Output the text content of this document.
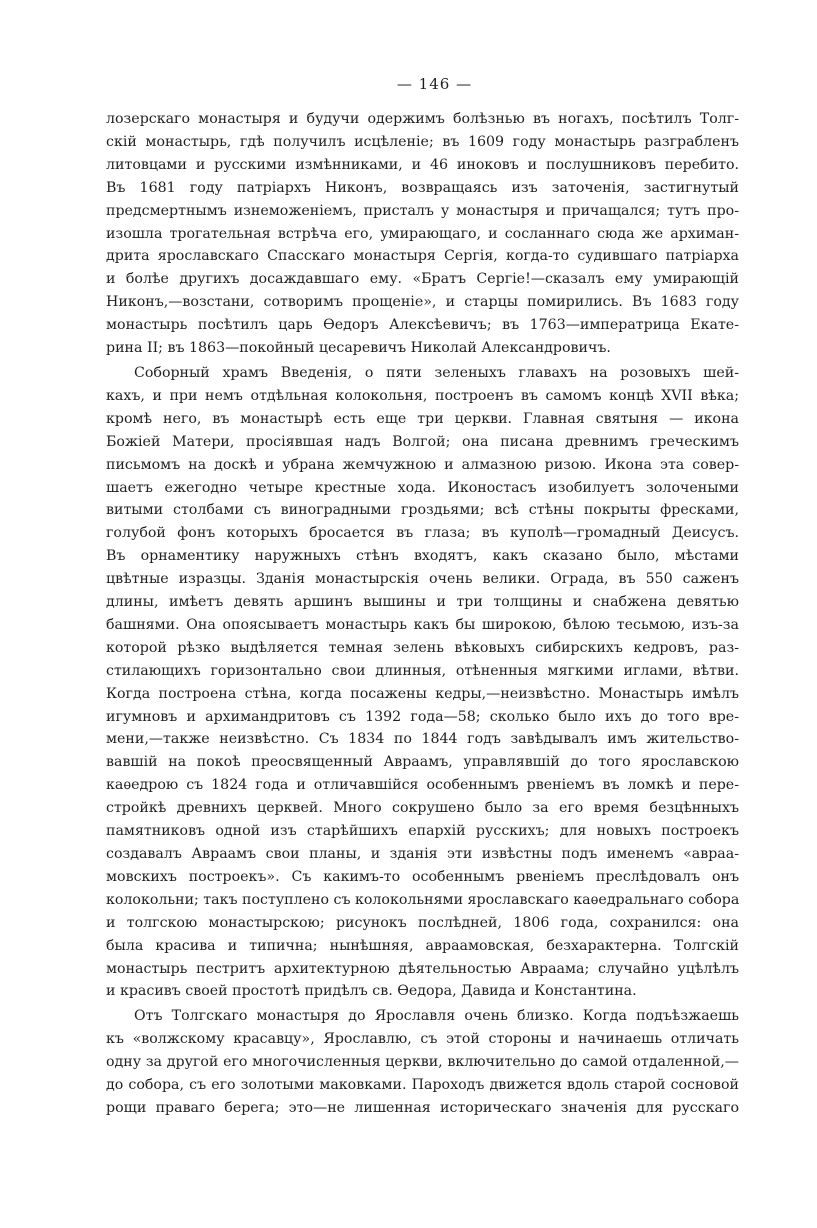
— 146 —
лозерскаго монастыря и будучи одержимъ болѣзнью въ ногахъ, посѣтилъ Толг-
скій монастырь, гдѣ получилъ исцѣленіе; въ 1609 году монастырь разграбленъ
литовцами и русскими измѣнниками, и 46 иноковъ и послушниковъ перебито.
Въ 1681 году патріархъ Никонъ, возвращаясь изъ заточенія, застигнутый
предсмертнымъ изнеможеніемъ, присталъ у монастыря и причащался; тутъ про-
изошла трогательная встрѣча его, умирающаго, и сосланнаго сюда же архиман-
дрита ярославскаго Спасскаго монастыря Сергія, когда-то судившаго патріарха
и болѣе другихъ досаждавшаго ему. «Братъ Сергіе!—сказалъ ему умирающій
Никонъ,—возстани, сотворимъ прощеніе», и старцы помирились. Въ 1683 году
монастырь посѣтилъ царь Өедоръ Алексѣевичъ; въ 1763—императрица Екате-
рина II; въ 1863—покойный цесаревичъ Николай Александровичъ.
Соборный храмъ Введенія, о пяти зеленыхъ главахъ на розовыхъ шей-
кахъ, и при немъ отдѣльная колокольня, построенъ въ самомъ концѣ XVII вѣка;
кромѣ него, въ монастырѣ есть еще три церкви. Главная святыня — икона
Божіей Матери, просіявшая надъ Волгой; она писана древнимъ греческимъ
письмомъ на доскѣ и убрана жемчужною и алмазною ризою. Икона эта совер-
шаетъ ежегодно четыре крестные хода. Иконостасъ изобилуетъ золочеными
витыми столбами съ виноградными гроздьями; всѣ стѣны покрыты фресками,
голубой фонъ которыхъ бросается въ глаза; въ куполѣ—громадный Деисусъ.
Въ орнаментику наружныхъ стѣнъ входятъ, какъ сказано было, мѣстами
цвѣтные изразцы. Зданія монастырскія очень велики. Ограда, въ 550 саженъ
длины, имѣетъ девять аршинъ вышины и три толщины и снабжена девятью
башнями. Она опоясываетъ монастырь какъ бы широкою, бѣлою тесьмою, изъ-за
которой рѣзко выдѣляется темная зелень вѣковыхъ сибирскихъ кедровъ, раз-
стилающихъ горизонтально свои длинныя, отѣненныя мягкими иглами, вѣтви.
Когда построена стѣна, когда посажены кедры,—неизвѣстно. Монастырь имѣлъ
игумновъ и архимандритовъ съ 1392 года—58; сколько было ихъ до того вре-
мени,—также неизвѣстно. Съ 1834 по 1844 годъ завѣдывалъ имъ жительство-
вавшій на покоѣ преосвященный Авраамъ, управлявшій до того ярославскою
каѳедрою съ 1824 года и отличавшійся особеннымъ рвеніемъ въ ломкѣ и пере-
стройкѣ древнихъ церквей. Много сокрушено было за его время безцѣнныхъ
памятниковъ одной изъ старѣйшихъ епархій русскихъ; для новыхъ построекъ
создавалъ Авраамъ свои планы, и зданія эти извѣстны подъ именемъ «авраа-
мовскихъ построекъ». Съ какимъ-то особеннымъ рвеніемъ преслѣдовалъ онъ
колокольни; такъ поступлено съ колокольнями ярославскаго каѳедральнаго собора
и толгскою монастырскою; рисунокъ послѣдней, 1806 года, сохранился: она
была красива и типична; нынѣшняя, авраамовская, безхарактерна. Толгскій
монастырь пестритъ архитектурною дѣятельностью Авраама; случайно уцѣлѣлъ
и красивъ своей простотѣ придѣлъ св. Өедора, Давида и Константина.
Отъ Толгскаго монастыря до Ярославля очень близко. Когда подъѣзжаешь
къ «волжскому красавцу», Ярославлю, съ этой стороны и начинаешь отличать
одну за другой его многочисленныя церкви, включительно до самой отдаленной,—
до собора, съ его золотыми маковками. Пароходъ движется вдоль старой сосновой
рощи праваго берега; это—не лишенная историческаго значенія для русскаго
